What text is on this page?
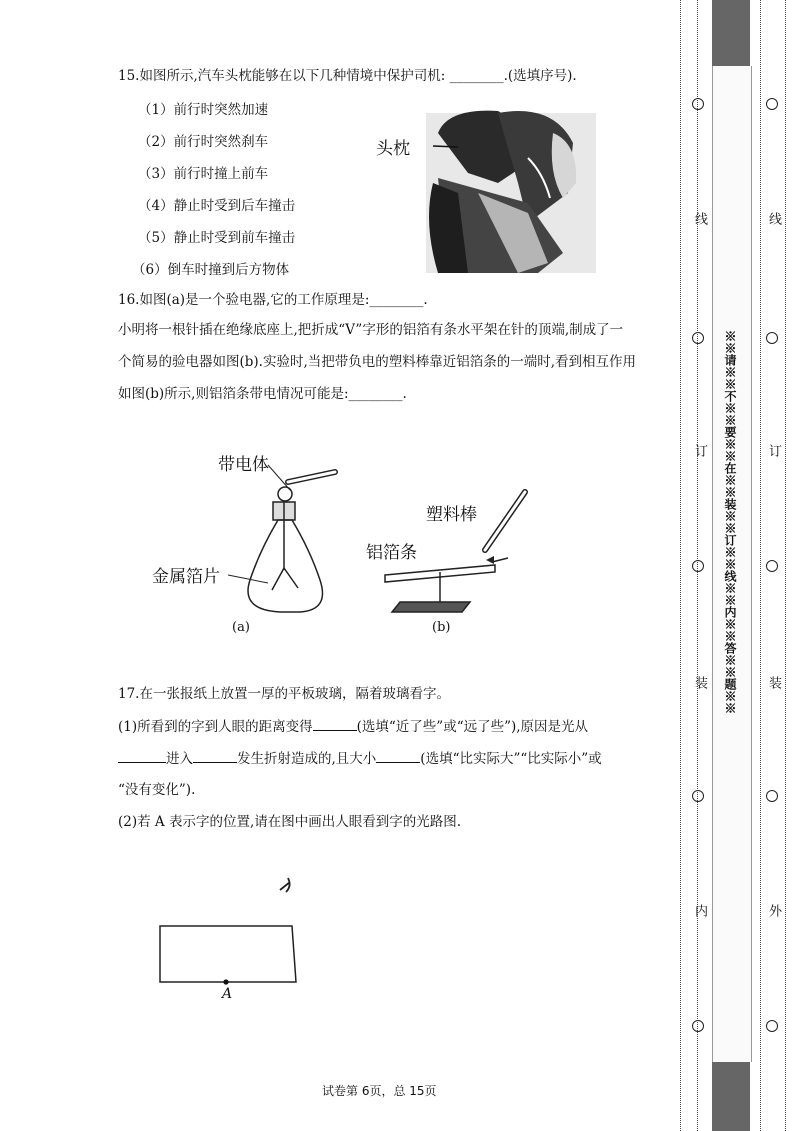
15.如图所示,汽车头枕能够在以下几种情境中保护司机: ________.(选填序号).
（1）前行时突然加速
（2）前行时突然刹车
（3）前行时撞上前车
（4）静止时受到后车撞击
（5）静止时受到前车撞击
（6）倒车时撞到后方物体
头枕
16.如图(a)是一个验电器,它的工作原理是:________.
小明将一根针插在绝缘底座上,把折成“V”字形的铝箔有条水平架在针的顶端,制成了一
个简易的验电器如图(b).实验时,当把带负电的塑料棒靠近铝箔条的一端时,看到相互作用
如图(b)所示,则铝箔条带电情况可能是:________.
带电体
金属箔片
(a)
塑料棒
铝箔条
(b)
17.在一张报纸上放置一厚的平板玻璃，隔着玻璃看字。
(1)所看到的字到人眼的距离变得	(选填“近了些”或“远了些”),原因是光从
进入	发生折射造成的,且大小	(选填“比实际大”“比实际小”或
“没有变化”).
(2)若 A 表示字的位置,请在图中画出人眼看到字的光路图.
A
试卷第 6页，总 15页
※※请※※不※※要※※在※※装※※订※※线※※内※※答※※题※※
线
订
装
内
线
订
装
外
